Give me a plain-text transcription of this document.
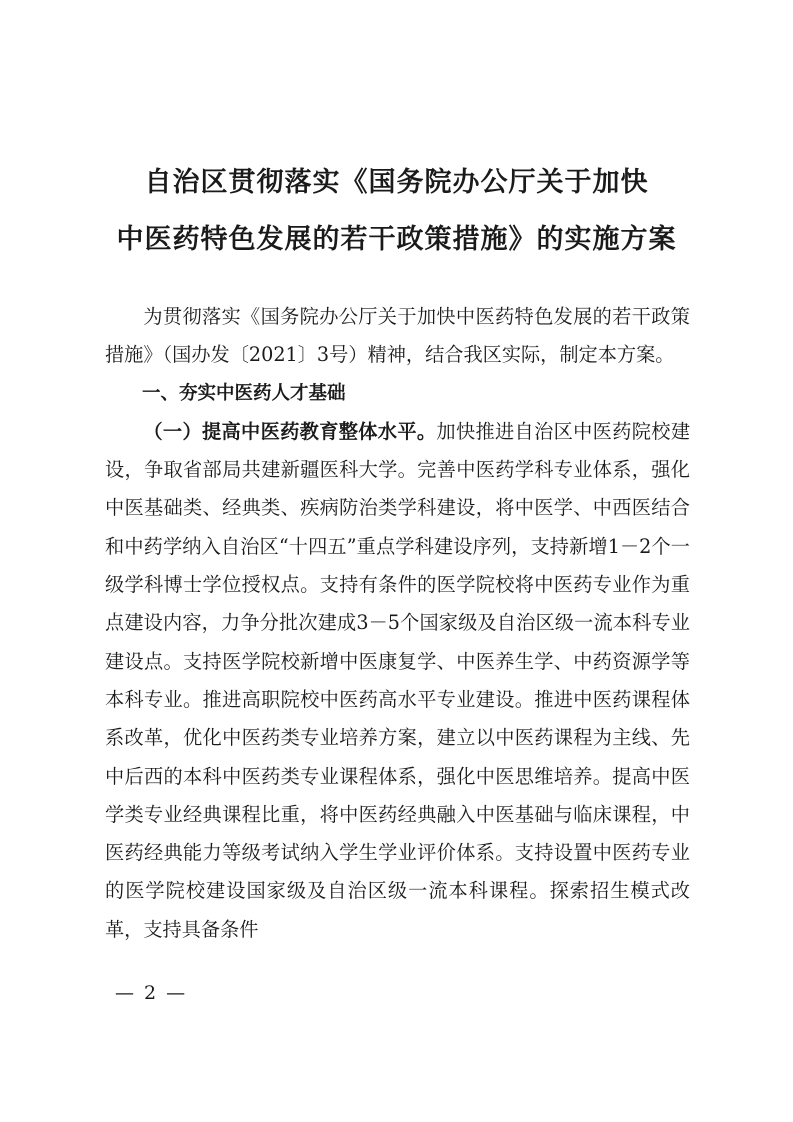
自治区贯彻落实《国务院办公厅关于加快
中医药特色发展的若干政策措施》的实施方案

为贯彻落实《国务院办公厅关于加快中医药特色发展的若干政策措施》（国办发〔2021〕3号）精神，结合我区实际，制定本方案。

一、夯实中医药人才基础

（一）提高中医药教育整体水平。加快推进自治区中医药院校建设，争取省部局共建新疆医科大学。完善中医药学科专业体系，强化中医基础类、经典类、疾病防治类学科建设，将中医学、中西医结合和中药学纳入自治区“十四五”重点学科建设序列，支持新增1－2个一级学科博士学位授权点。支持有条件的医学院校将中医药专业作为重点建设内容，力争分批次建成3－5个国家级及自治区级一流本科专业建设点。支持医学院校新增中医康复学、中医养生学、中药资源学等本科专业。推进高职院校中医药高水平专业建设。推进中医药课程体系改革，优化中医药类专业培养方案，建立以中医药课程为主线、先中后西的本科中医药类专业课程体系，强化中医思维培养。提高中医学类专业经典课程比重，将中医药经典融入中医基础与临床课程，中医药经典能力等级考试纳入学生学业评价体系。支持设置中医药专业的医学院校建设国家级及自治区级一流本科课程。探索招生模式改革，支持具备条件

— 2 —
